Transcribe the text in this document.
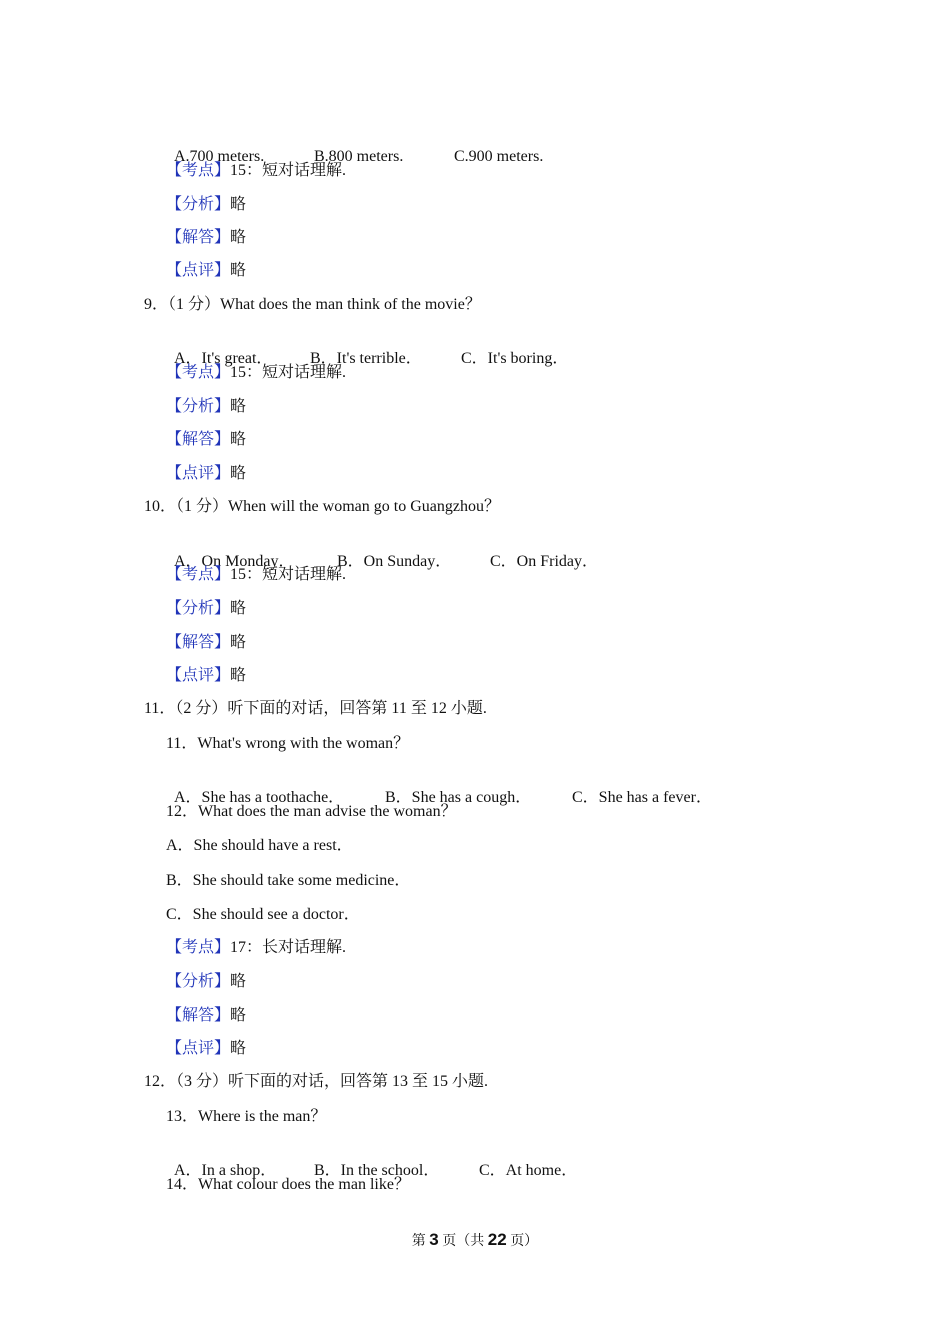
A.700 meters.	B.800 meters.	C.900 meters.

【考点】15：短对话理解.
【分析】略
【解答】略
【点评】略
9．（1 分）What does the man think of the movie？

A．It's great． B．It's terrible． C．It's boring．

【考点】15：短对话理解.
【分析】略
【解答】略
【点评】略
10．（1 分）When will the woman go to Guangzhou？

A．On Monday．	B．On Sunday． C．On Friday．

【考点】15：短对话理解.
【分析】略
【解答】略
【点评】略
11．（2 分）听下面的对话，回答第 11 至 12 小题.
11．What's wrong with the woman？

A．She has a toothache．	B．She has a cough．	C．She has a fever．

12．What does the man advise the woman？
A．She should have a rest．
B．She should take some medicine．
C．She should see a doctor．
【考点】17：长对话理解.
【分析】略
【解答】略
【点评】略
12．（3 分）听下面的对话，回答第 13 至 15 小题.
13．Where is the man？

A．In a shop． B．In the school． C．At home．

14．What colour does the man like？
第 3 页（共 22 页）
